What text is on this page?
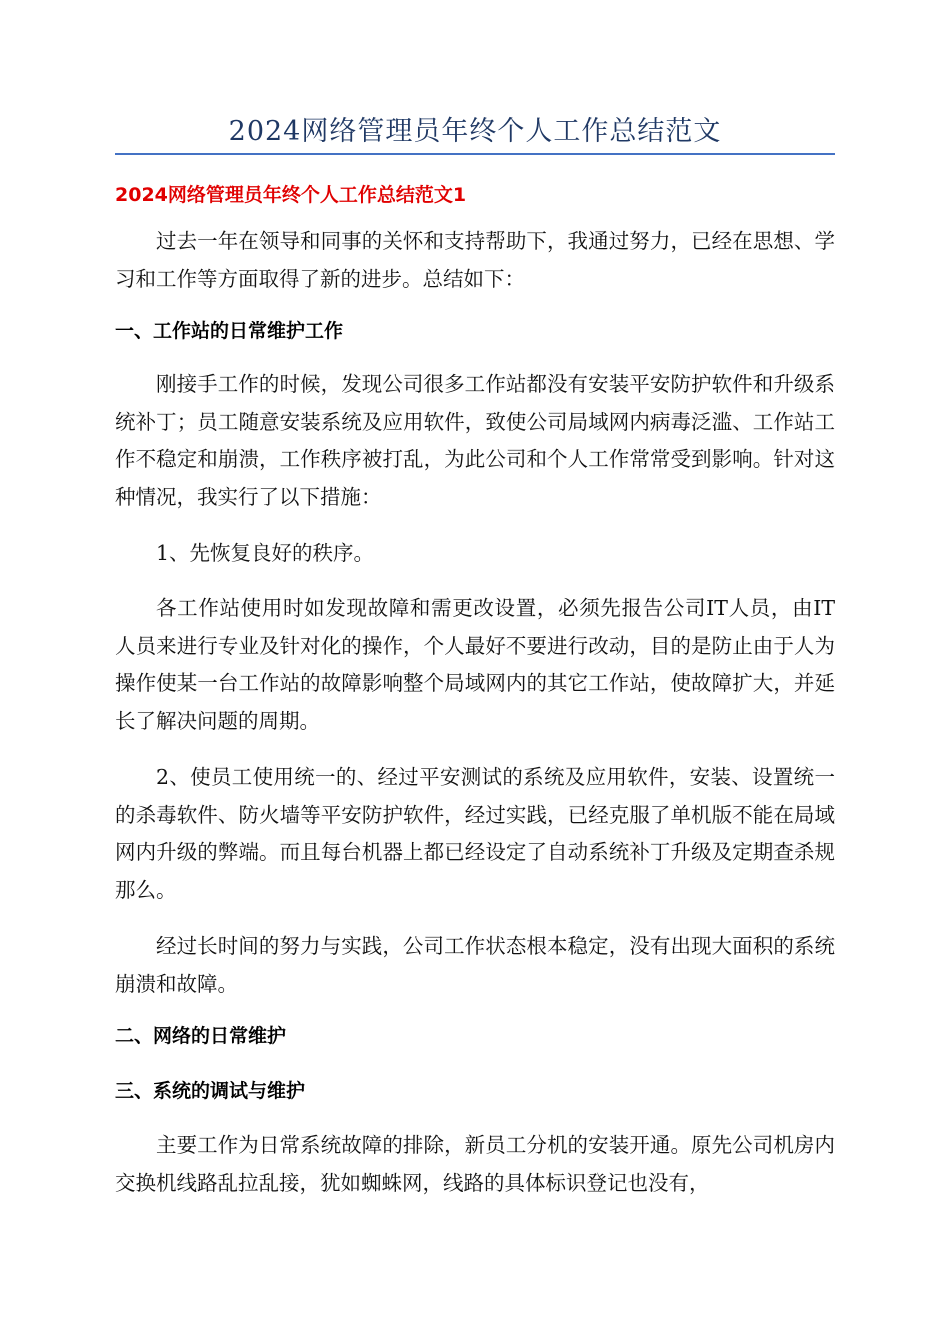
2024网络管理员年终个人工作总结范文
2024网络管理员年终个人工作总结范文1
过去一年在领导和同事的关怀和支持帮助下，我通过努力，已经在思想、学习和工作等方面取得了新的进步。总结如下：
一、工作站的日常维护工作
刚接手工作的时候，发现公司很多工作站都没有安装平安防护软件和升级系统补丁；员工随意安装系统及应用软件，致使公司局域网内病毒泛滥、工作站工作不稳定和崩溃，工作秩序被打乱，为此公司和个人工作常常受到影响。针对这种情况，我实行了以下措施：
1、先恢复良好的秩序。
各工作站使用时如发现故障和需更改设置，必须先报告公司IT人员，由IT人员来进行专业及针对化的操作，个人最好不要进行改动，目的是防止由于人为操作使某一台工作站的故障影响整个局域网内的其它工作站，使故障扩大，并延长了解决问题的周期。
2、使员工使用统一的、经过平安测试的系统及应用软件，安装、设置统一的杀毒软件、防火墙等平安防护软件，经过实践，已经克服了单机版不能在局域网内升级的弊端。而且每台机器上都已经设定了自动系统补丁升级及定期查杀规那么。
经过长时间的努力与实践，公司工作状态根本稳定，没有出现大面积的系统崩溃和故障。
二、网络的日常维护
三、系统的调试与维护
主要工作为日常系统故障的排除，新员工分机的安装开通。原先公司机房内交换机线路乱拉乱接，犹如蜘蛛网，线路的具体标识登记也没有，
